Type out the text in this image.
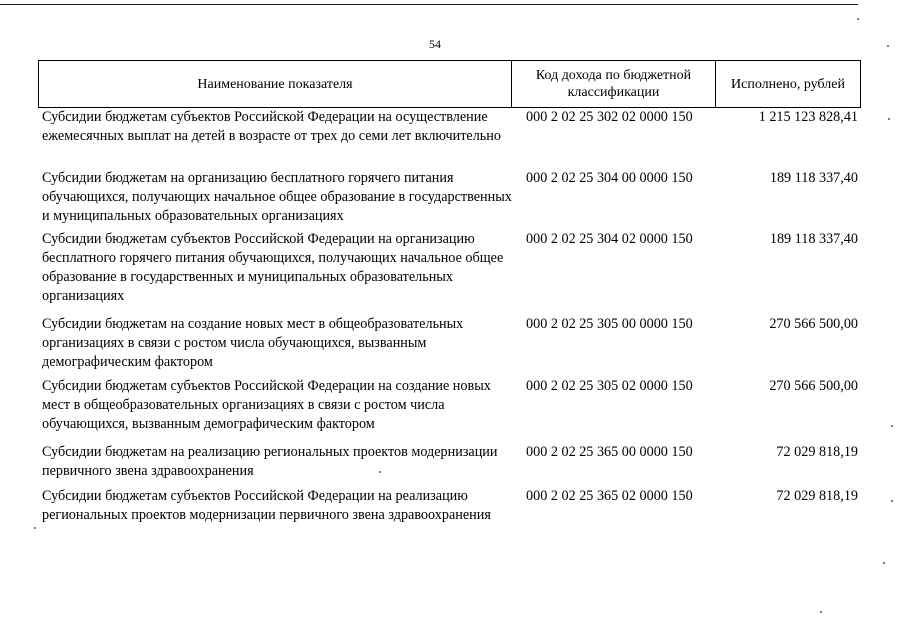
54
Наименование показателя	Код дохода по бюджетной классификации	Исполнено, рублей
Субсидии бюджетам субъектов Российской Федерации на осуществление ежемесячных выплат на детей в возрасте от трех до семи лет включительно
000 2 02 25 302 02 0000 150	1 215 123 828,41
Субсидии бюджетам на организацию бесплатного горячего питания обучающихся, получающих начальное общее образование в государственных и муниципальных образовательных организациях
000 2 02 25 304 00 0000 150	189 118 337,40
Субсидии бюджетам субъектов Российской Федерации на организацию бесплатного горячего питания обучающихся, получающих начальное общее образование в государственных и муниципальных образовательных организациях
000 2 02 25 304 02 0000 150	189 118 337,40
Субсидии бюджетам на создание новых мест в общеобразовательных организациях в связи с ростом числа обучающихся, вызванным демографическим фактором
000 2 02 25 305 00 0000 150	270 566 500,00
Субсидии бюджетам субъектов Российской Федерации на создание новых мест в общеобразовательных организациях в связи с ростом числа обучающихся, вызванным демографическим фактором
000 2 02 25 305 02 0000 150	270 566 500,00
Субсидии бюджетам на реализацию региональных проектов модернизации первичного звена здравоохранения
000 2 02 25 365 00 0000 150	72 029 818,19
Субсидии бюджетам субъектов Российской Федерации на реализацию региональных проектов модернизации первичного звена здравоохранения
000 2 02 25 365 02 0000 150	72 029 818,19
